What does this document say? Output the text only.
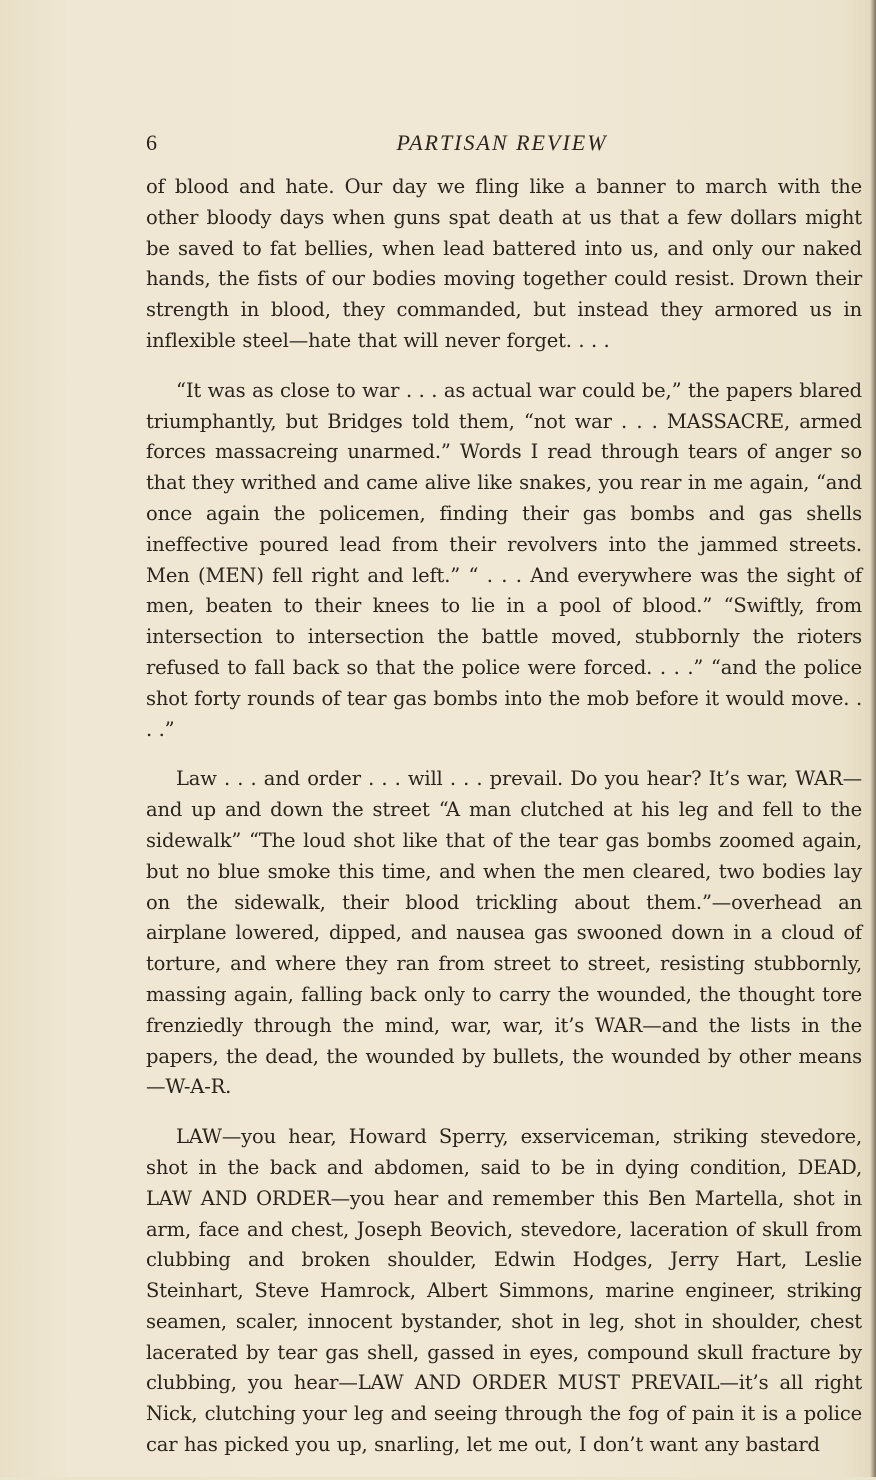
6	PARTISAN REVIEW

of blood and hate. Our day we fling like a banner to march with the other bloody days when guns spat death at us that a few dollars might be saved to fat bellies, when lead battered into us, and only our naked hands, the fists of our bodies moving together could resist. Drown their strength in blood, they commanded, but instead they armored us in inflexible steel—hate that will never forget. . . .

“It was as close to war . . . as actual war could be,” the papers blared triumphantly, but Bridges told them, “not war . . . MASSACRE, armed forces massacreing unarmed.” Words I read through tears of anger so that they writhed and came alive like snakes, you rear in me again, “and once again the policemen, finding their gas bombs and gas shells ineffective poured lead from their revolvers into the jammed streets. Men (MEN) fell right and left.” “ . . . And everywhere was the sight of men, beaten to their knees to lie in a pool of blood.” “Swiftly, from intersection to intersection the battle moved, stubbornly the rioters refused to fall back so that the police were forced. . . .” “and the police shot forty rounds of tear gas bombs into the mob before it would move. . . .”

Law . . . and order . . . will . . . prevail. Do you hear? It’s war, WAR—and up and down the street “A man clutched at his leg and fell to the sidewalk” “The loud shot like that of the tear gas bombs zoomed again, but no blue smoke this time, and when the men cleared, two bodies lay on the sidewalk, their blood trickling about them.”—overhead an airplane lowered, dipped, and nausea gas swooned down in a cloud of torture, and where they ran from street to street, resisting stubbornly, massing again, falling back only to carry the wounded, the thought tore frenziedly through the mind, war, war, it’s WAR—and the lists in the papers, the dead, the wounded by bullets, the wounded by other means—W-A-R.

LAW—you hear, Howard Sperry, exserviceman, striking stevedore, shot in the back and abdomen, said to be in dying condition, DEAD, LAW AND ORDER—you hear and remember this Ben Martella, shot in arm, face and chest, Joseph Beovich, stevedore, laceration of skull from clubbing and broken shoulder, Edwin Hodges, Jerry Hart, Leslie Steinhart, Steve Hamrock, Albert Simmons, marine engineer, striking seamen, scaler, innocent bystander, shot in leg, shot in shoulder, chest lacerated by tear gas shell, gassed in eyes, compound skull fracture by clubbing, you hear—LAW AND ORDER MUST PREVAIL—it’s all right Nick, clutching your leg and seeing through the fog of pain it is a police car has picked you up, snarling, let me out, I don’t want any bastard
